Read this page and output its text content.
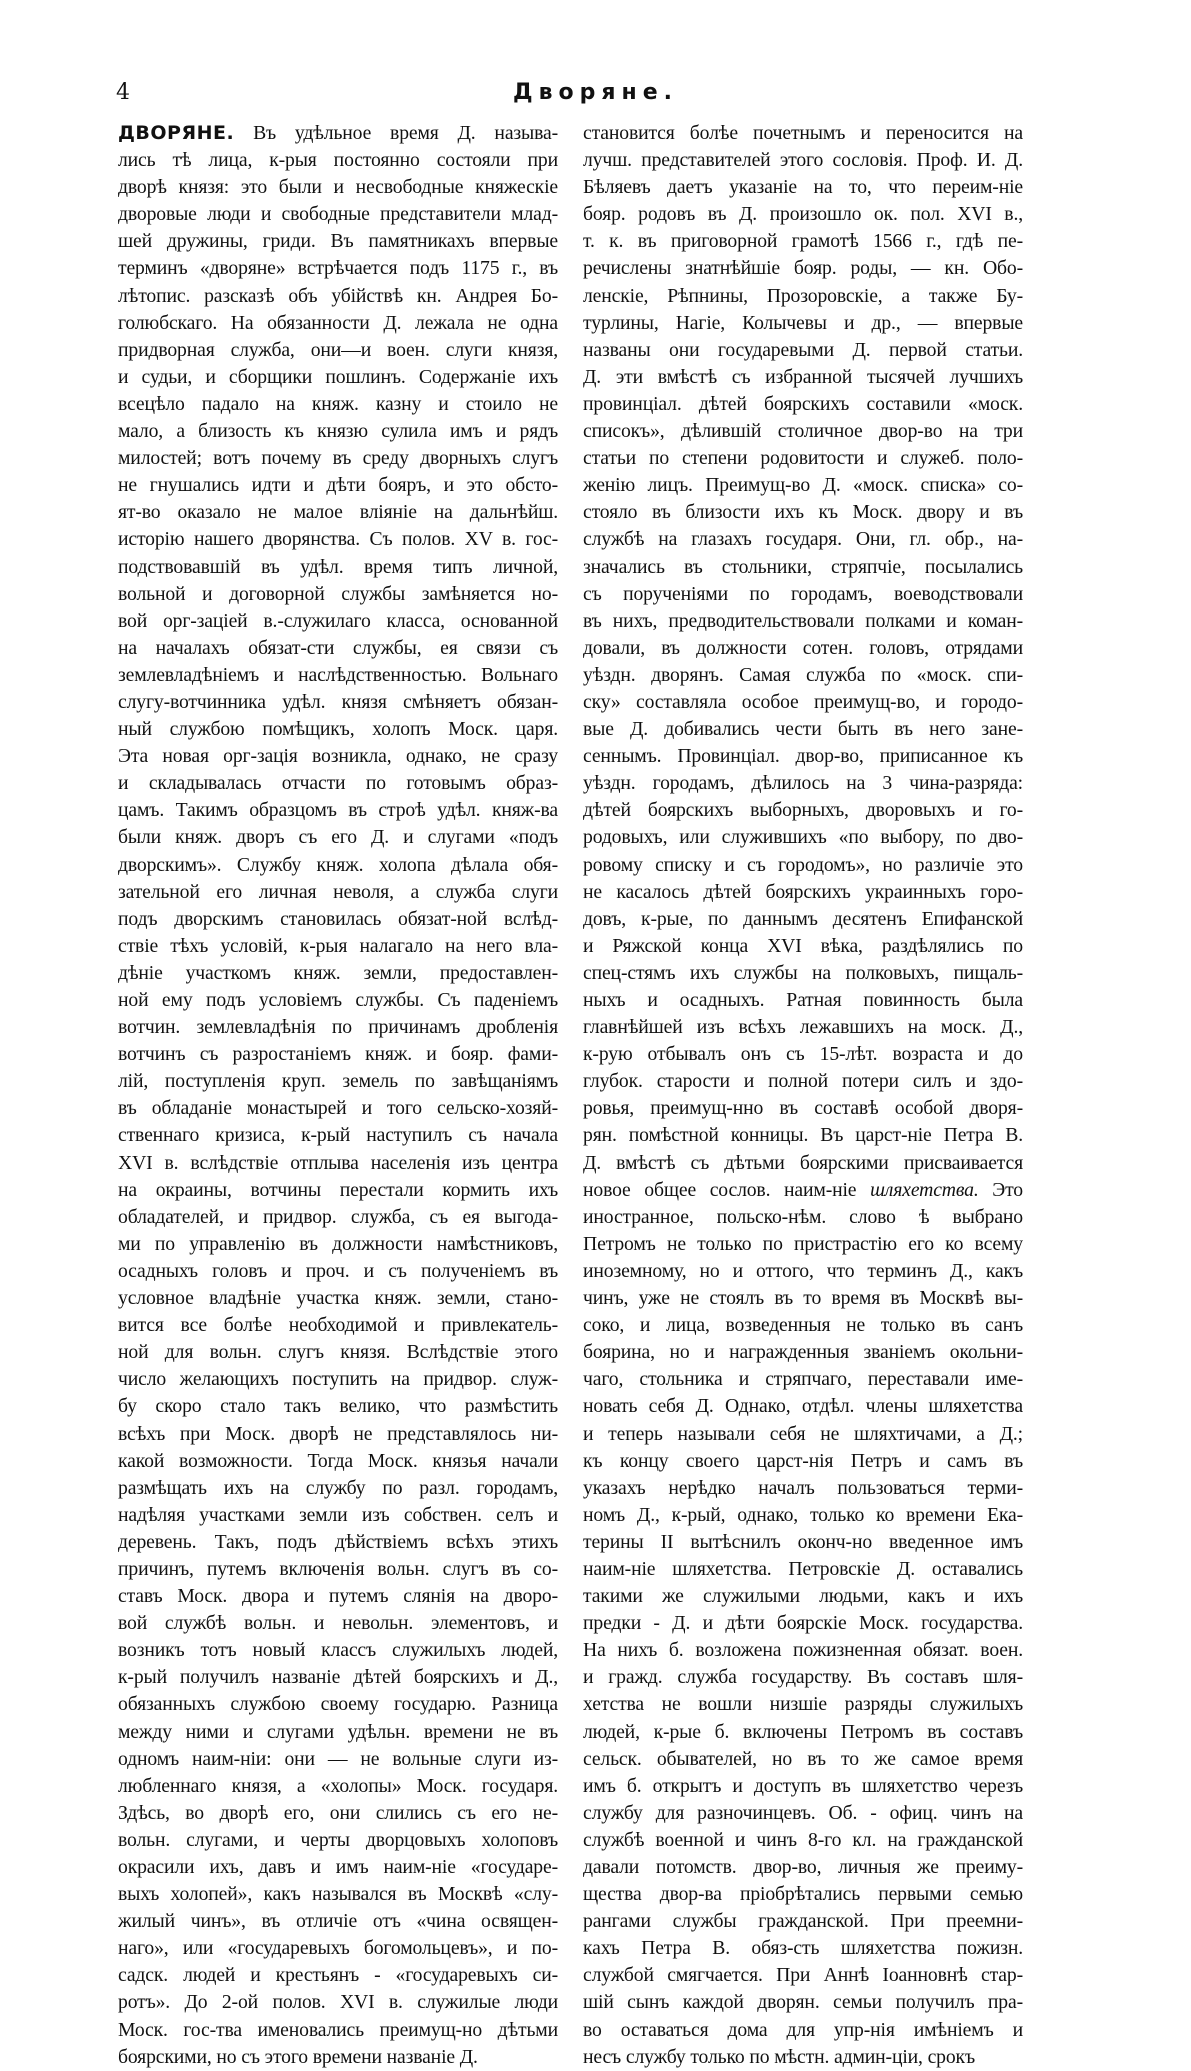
4	Дворяне.
ДВОРЯНЕ. Въ удѣльное время Д. называ-
лись тѣ лица, к-рыя постоянно состояли при
дворѣ князя: это были и несвободные княжескіе
дворовые люди и свободные представители млад-
шей дружины, гриди. Въ памятникахъ впервые
терминъ «дворяне» встрѣчается подъ 1175 г., въ
лѣтопис. разсказѣ объ убійствѣ кн. Андрея Бо-
голюбскаго. На обязанности Д. лежала не одна
придворная служба, они—и воен. слуги князя,
и судьи, и сборщики пошлинъ. Содержаніе ихъ
всецѣло падало на княж. казну и стоило не
мало, а близость къ князю сулила имъ и рядъ
милостей; вотъ почему въ среду дворныхъ слугъ
не гнушались идти и дѣти бояръ, и это обсто-
ят-во оказало не малое вліяніе на дальнѣйш.
исторію нашего дворянства. Съ полов. XV в. гос-
подствовавшій въ удѣл. время типъ личной,
вольной и договорной службы замѣняется но-
вой орг-заціей в.-служилаго класса, основанной
на началахъ обязат-сти службы, ея связи съ
землевладѣніемъ и наслѣдственностью. Вольнаго
слугу-вотчинника удѣл. князя смѣняетъ обязан-
ный службою помѣщикъ, холопъ Моск. царя.
Эта новая орг-зація возникла, однако, не сразу
и складывалась отчасти по готовымъ образ-
цамъ. Такимъ образцомъ въ строѣ удѣл. княж-ва
были княж. дворъ съ его Д. и слугами «подъ
дворскимъ». Службу княж. холопа дѣлала обя-
зательной его личная неволя, а служба слуги
подъ дворскимъ становилась обязат-ной вслѣд-
ствіе тѣхъ условій, к-рыя налагало на него вла-
дѣніе участкомъ княж. земли, предоставлен-
ной ему подъ условіемъ службы. Съ паденіемъ
вотчин. землевладѣнія по причинамъ дробленія
вотчинъ съ разростаніемъ княж. и бояр. фами-
лій, поступленія круп. земель по завѣщаніямъ
въ обладаніе монастырей и того сельско-хозяй-
ственнаго кризиса, к-рый наступилъ съ начала
XVI в. вслѣдствіе отплыва населенія изъ центра
на окраины, вотчины перестали кормить ихъ
обладателей, и придвор. служба, съ ея выгода-
ми по управленію въ должности намѣстниковъ,
осадныхъ головъ и проч. и съ полученіемъ въ
условное владѣніе участка княж. земли, стано-
вится все болѣе необходимой и привлекатель-
ной для вольн. слугъ князя. Вслѣдствіе этого
число желающихъ поступить на придвор. служ-
бу скоро стало такъ велико, что размѣстить
всѣхъ при Моск. дворѣ не представлялось ни-
какой возможности. Тогда Моск. князья начали
размѣщать ихъ на службу по разл. городамъ,
надѣляя участками земли изъ собствен. селъ и
деревень. Такъ, подъ дѣйствіемъ всѣхъ этихъ
причинъ, путемъ включенія вольн. слугъ въ со-
ставъ Моск. двора и путемъ слянія на дворо-
вой службѣ вольн. и невольн. элементовъ, и
возникъ тотъ новый классъ служилыхъ людей,
к-рый получилъ названіе дѣтей боярскихъ и Д.,
обязанныхъ службою своему государю. Разница
между ними и слугами удѣльн. времени не въ
одномъ наим-ніи: они — не вольные слуги из-
любленнаго князя, а «холопы» Моск. государя.
Здѣсь, во дворѣ его, они слились съ его не-
вольн. слугами, и черты дворцовыхъ холоповъ
окрасили ихъ, давъ и имъ наим-ніе «государе-
выхъ холопей», какъ назывался въ Москвѣ «слу-
жилый чинъ», въ отличіе отъ «чина освящен-
наго», или «государевыхъ богомольцевъ», и по-
садск. людей и крестьянъ - «государевыхъ си-
ротъ». До 2-ой полов. XVI в. служилые люди
Моск. гос-тва именовались преимущ-но дѣтьми
боярскими, но съ этого времени названіе Д.
становится болѣе почетнымъ и переносится на
лучш. представителей этого сословія. Проф. И. Д.
Бѣляевъ даетъ указаніе на то, что переим-ніе
бояр. родовъ въ Д. произошло ок. пол. XVI в.,
т. к. въ приговорной грамотѣ 1566 г., гдѣ пе-
речислены знатнѣйшіе бояр. роды, — кн. Обо-
ленскіе, Рѣпнины, Прозоровскіе, а также Бу-
турлины, Нагіе, Колычевы и др., — впервые
названы они государевыми Д. первой статьи.
Д. эти вмѣстѣ съ избранной тысячей лучшихъ
провинціал. дѣтей боярскихъ составили «моск.
списокъ», дѣлившій столичное двор-во на три
статьи по степени родовитости и служеб. поло-
женію лицъ. Преимущ-во Д. «моск. списка» со-
стояло въ близости ихъ къ Моск. двору и въ
службѣ на глазахъ государя. Они, гл. обр., на-
значались въ стольники, стряпчіе, посылались
съ порученіями по городамъ, воеводствовали
въ нихъ, предводительствовали полками и коман-
довали, въ должности сотен. головъ, отрядами
уѣздн. дворянъ. Самая служба по «моск. спи-
ску» составляла особое преимущ-во, и городо-
вые Д. добивались чести быть въ него зане-
сеннымъ. Провинціал. двор-во, приписанное къ
уѣздн. городамъ, дѣлилось на 3 чина-разряда:
дѣтей боярскихъ выборныхъ, дворовыхъ и го-
родовыхъ, или служившихъ «по выбору, по дво-
ровому списку и съ городомъ», но различіе это
не касалось дѣтей боярскихъ украинныхъ горо-
довъ, к-рые, по даннымъ десятенъ Епифанской
и Ряжской конца XVI вѣка, раздѣлялись по
спец-стямъ ихъ службы на полковыхъ, пищаль-
ныхъ и осадныхъ. Ратная повинность была
главнѣйшей изъ всѣхъ лежавшихъ на моск. Д.,
к-рую отбывалъ онъ съ 15-лѣт. возраста и до
глубок. старости и полной потери силъ и здо-
ровья, преимущ-нно въ составѣ особой дворя-
рян. помѣстной конницы. Въ царст-ніе Петра В.
Д. вмѣстѣ съ дѣтьми боярскими присваивается
новое общее сослов. наим-ніе шляхетства. Это
иностранное, польско-нѣм. слово ѣ выбрано
Петромъ не только по пристрастію его ко всему
иноземному, но и оттого, что терминъ Д., какъ
чинъ, уже не стоялъ въ то время въ Москвѣ вы-
соко, и лица, возведенныя не только въ санъ
боярина, но и награжденныя званіемъ окольни-
чаго, стольника и стряпчаго, переставали име-
новать себя Д. Однако, отдѣл. члены шляхетства
и теперь называли себя не шляхтичами, а Д.;
къ концу своего царст-нія Петръ и самъ въ
указахъ нерѣдко началъ пользоваться терми-
номъ Д., к-рый, однако, только ко времени Ека-
терины II вытѣснилъ оконч-но введенное имъ
наим-ніе шляхетства. Петровскіе Д. оставались
такими же служилыми людьми, какъ и ихъ
предки - Д. и дѣти боярскіе Моск. государства.
На нихъ б. возложена пожизненная обязат. воен.
и гражд. служба государству. Въ составъ шля-
хетства не вошли низшіе разряды служилыхъ
людей, к-рые б. включены Петромъ въ составъ
сельск. обывателей, но въ то же самое время
имъ б. открытъ и доступъ въ шляхетство черезъ
службу для разночинцевъ. Об. - офиц. чинъ на
службѣ военной и чинъ 8-го кл. на гражданской
давали потомств. двор-во, личныя же преиму-
щества двор-ва пріобрѣтались первыми семью
рангами службы гражданской. При преемни-
кахъ Петра В. обяз-сть шляхетства пожизн.
службой смягчается. При Аннѣ Іоанновнѣ стар-
шій сынъ каждой дворян. семьи получилъ пра-
во оставаться дома для упр-нія имѣніемъ и
несъ службу только по мѣстн. админ-ціи, срокъ
